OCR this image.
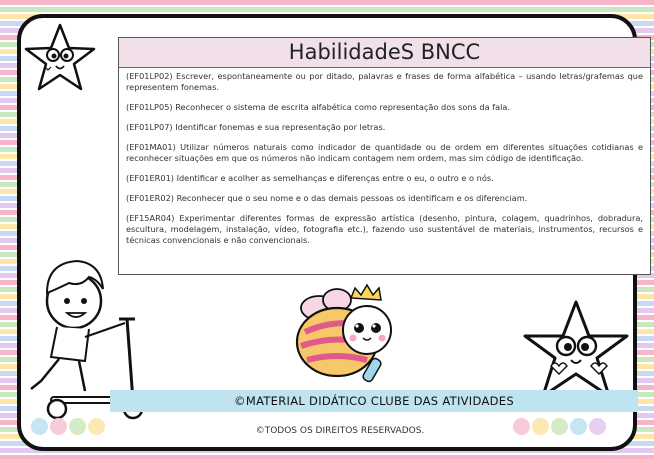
HabilidadeS BNCC

(EF01LP02) Escrever, espontaneamente ou por ditado, palavras e frases de forma alfabética – usando letras/grafemas que representem fonemas.

(EF01LP05) Reconhecer o sistema de escrita alfabética como representação dos sons da fala.

(EF01LP07) Identificar fonemas e sua representação por letras.

(EF01MA01) Utilizar números naturais como indicador de quantidade ou de ordem em diferentes situações cotidianas e reconhecer situações em que os números não indicam contagem nem ordem, mas sim código de identificação.

(EF01ER01) Identificar e acolher as semelhanças e diferenças entre o eu, o outro e o nós.

(EF01ER02) Reconhecer que o seu nome e o das demais pessoas os identificam e os diferenciam.

(EF15AR04) Experimentar diferentes formas de expressão artística (desenho, pintura, colagem, quadrinhos, dobradura, escultura, modelagem, instalação, vídeo, fotografia etc.), fazendo uso sustentável de materiais, instrumentos, recursos e técnicas convencionais e não convencionais.

©MATERIAL DIDÁTICO CLUBE DAS ATIVIDADES
©TODOS OS DIREITOS RESERVADOS.
